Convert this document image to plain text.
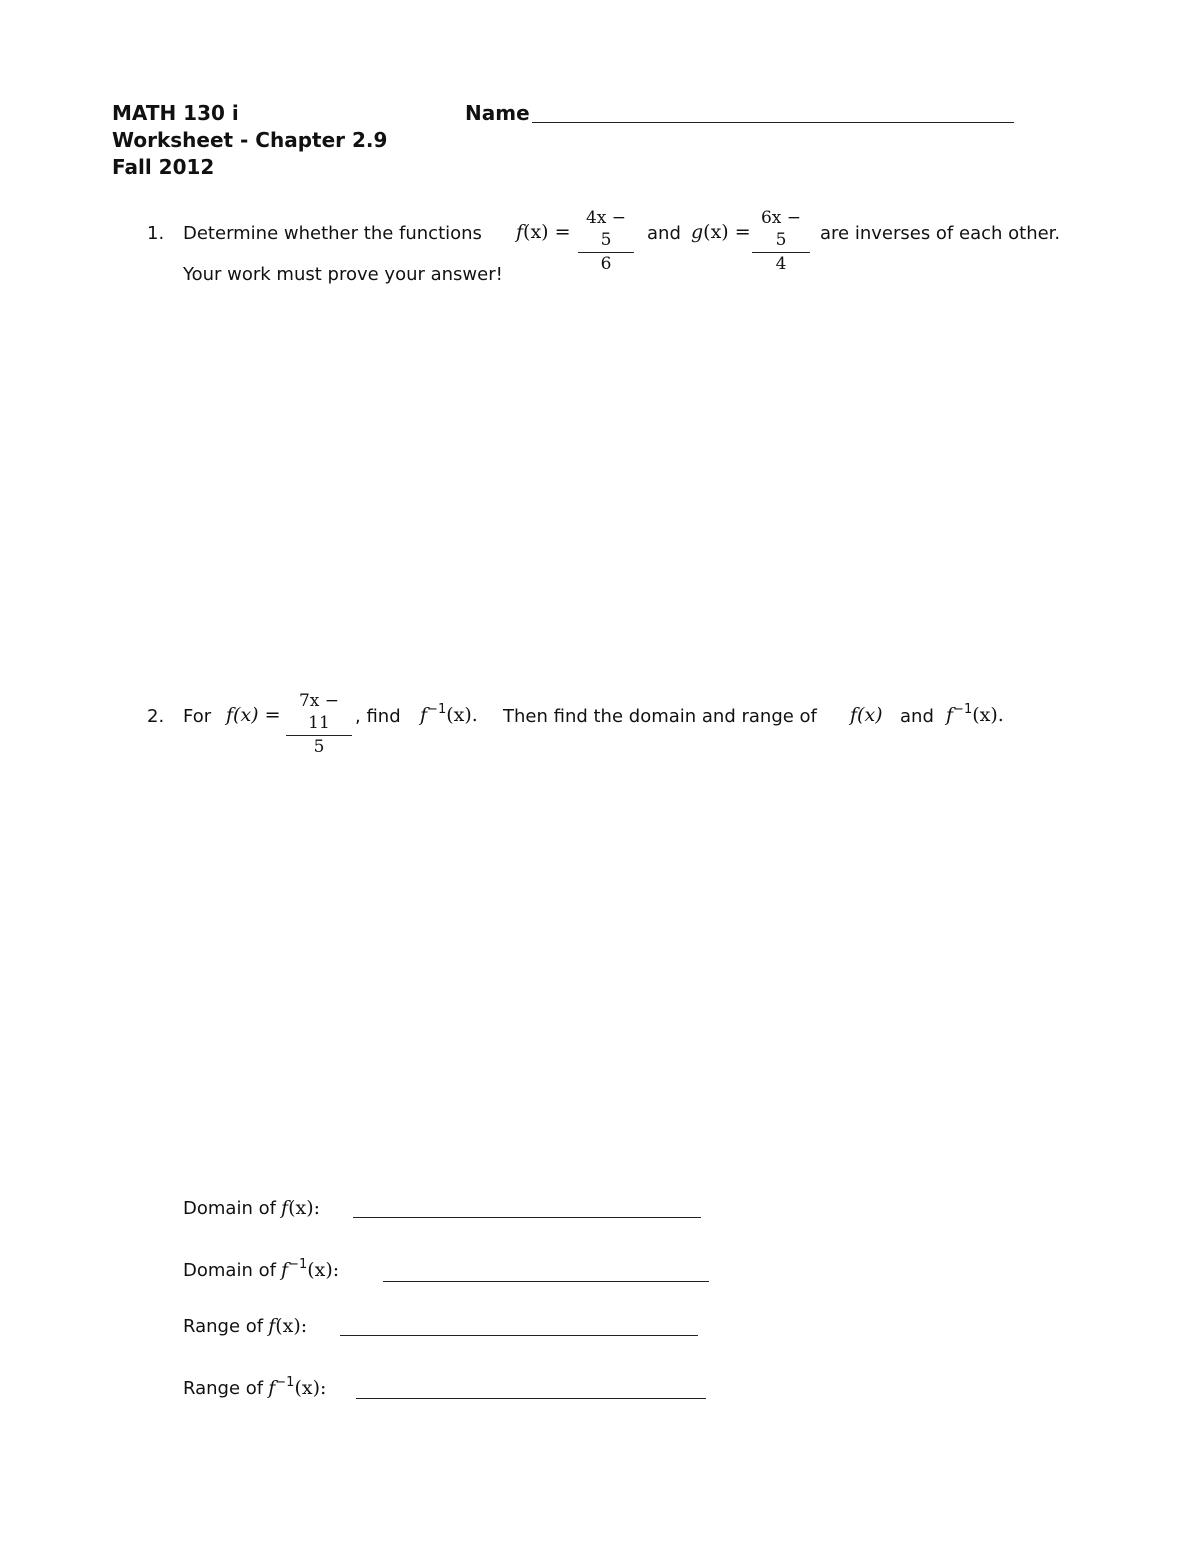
MATH 130 i
Worksheet - Chapter 2.9
Fall 2012
Name
1. Determine whether the functions $f(x) = \frac{4x - 5}{6}$ and $g(x) = \frac{6x - 5}{4}$ are inverses of each other.
Your work must prove your answer!
2. For $f(x) = \frac{7x - 11}{5}$ , find $f^{-1}(x)$. Then find the domain and range of f(x) and $f^{-1}(x)$.
Domain of f(x):
Domain of $f^{-1}(x)$:
Range of f(x):
Range of $f^{-1}(x)$:
